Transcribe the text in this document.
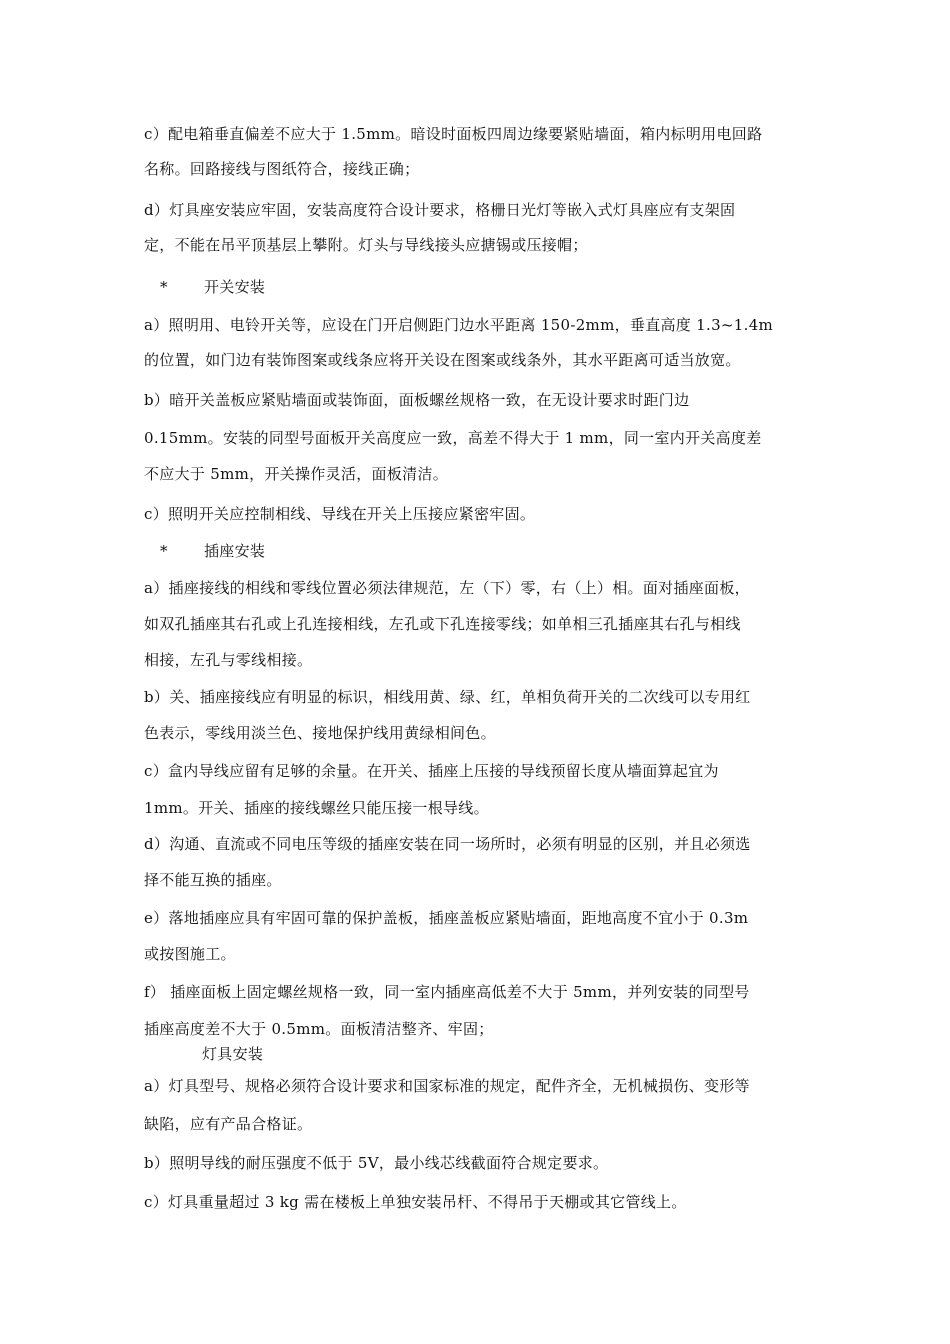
c）配电箱垂直偏差不应大于 1.5mm。暗设时面板四周边缘要紧贴墙面，箱内标明用电回路
名称。回路接线与图纸符合，接线正确；
d）灯具座安装应牢固，安装高度符合设计要求，格栅日光灯等嵌入式灯具座应有支架固
定，不能在吊平顶基层上攀附。灯头与导线接头应搪锡或压接帽；
* 开关安装
a）照明用、电铃开关等，应设在门开启侧距门边水平距离 150-2mm，垂直高度 1.3~1.4m
的位置，如门边有装饰图案或线条应将开关设在图案或线条外，其水平距离可适当放宽。
b）暗开关盖板应紧贴墙面或装饰面，面板螺丝规格一致，在无设计要求时距门边
0.15mm。安装的同型号面板开关高度应一致，高差不得大于 1 mm，同一室内开关高度差
不应大于 5mm，开关操作灵活，面板清洁。
c）照明开关应控制相线、导线在开关上压接应紧密牢固。
* 插座安装
a）插座接线的相线和零线位置必须法律规范，左（下）零，右（上）相。面对插座面板，
如双孔插座其右孔或上孔连接相线，左孔或下孔连接零线；如单相三孔插座其右孔与相线
相接，左孔与零线相接。
b）关、插座接线应有明显的标识，相线用黄、绿、红，单相负荷开关的二次线可以专用红
色表示，零线用淡兰色、接地保护线用黄绿相间色。
c）盒内导线应留有足够的余量。在开关、插座上压接的导线预留长度从墙面算起宜为
1mm。开关、插座的接线螺丝只能压接一根导线。
d）沟通、直流或不同电压等级的插座安装在同一场所时，必须有明显的区别，并且必须选
择不能互换的插座。
e）落地插座应具有牢固可靠的保护盖板，插座盖板应紧贴墙面，距地高度不宜小于 0.3m
或按图施工。
f） 插座面板上固定螺丝规格一致，同一室内插座高低差不大于 5mm，并列安装的同型号
插座高度差不大于 0.5mm。面板清洁整齐、牢固；
灯具安装
a）灯具型号、规格必须符合设计要求和国家标准的规定，配件齐全，无机械损伤、变形等
缺陷，应有产品合格证。
b）照明导线的耐压强度不低于 5V，最小线芯线截面符合规定要求。
c）灯具重量超过 3 kg 需在楼板上单独安装吊杆、不得吊于天棚或其它管线上。
